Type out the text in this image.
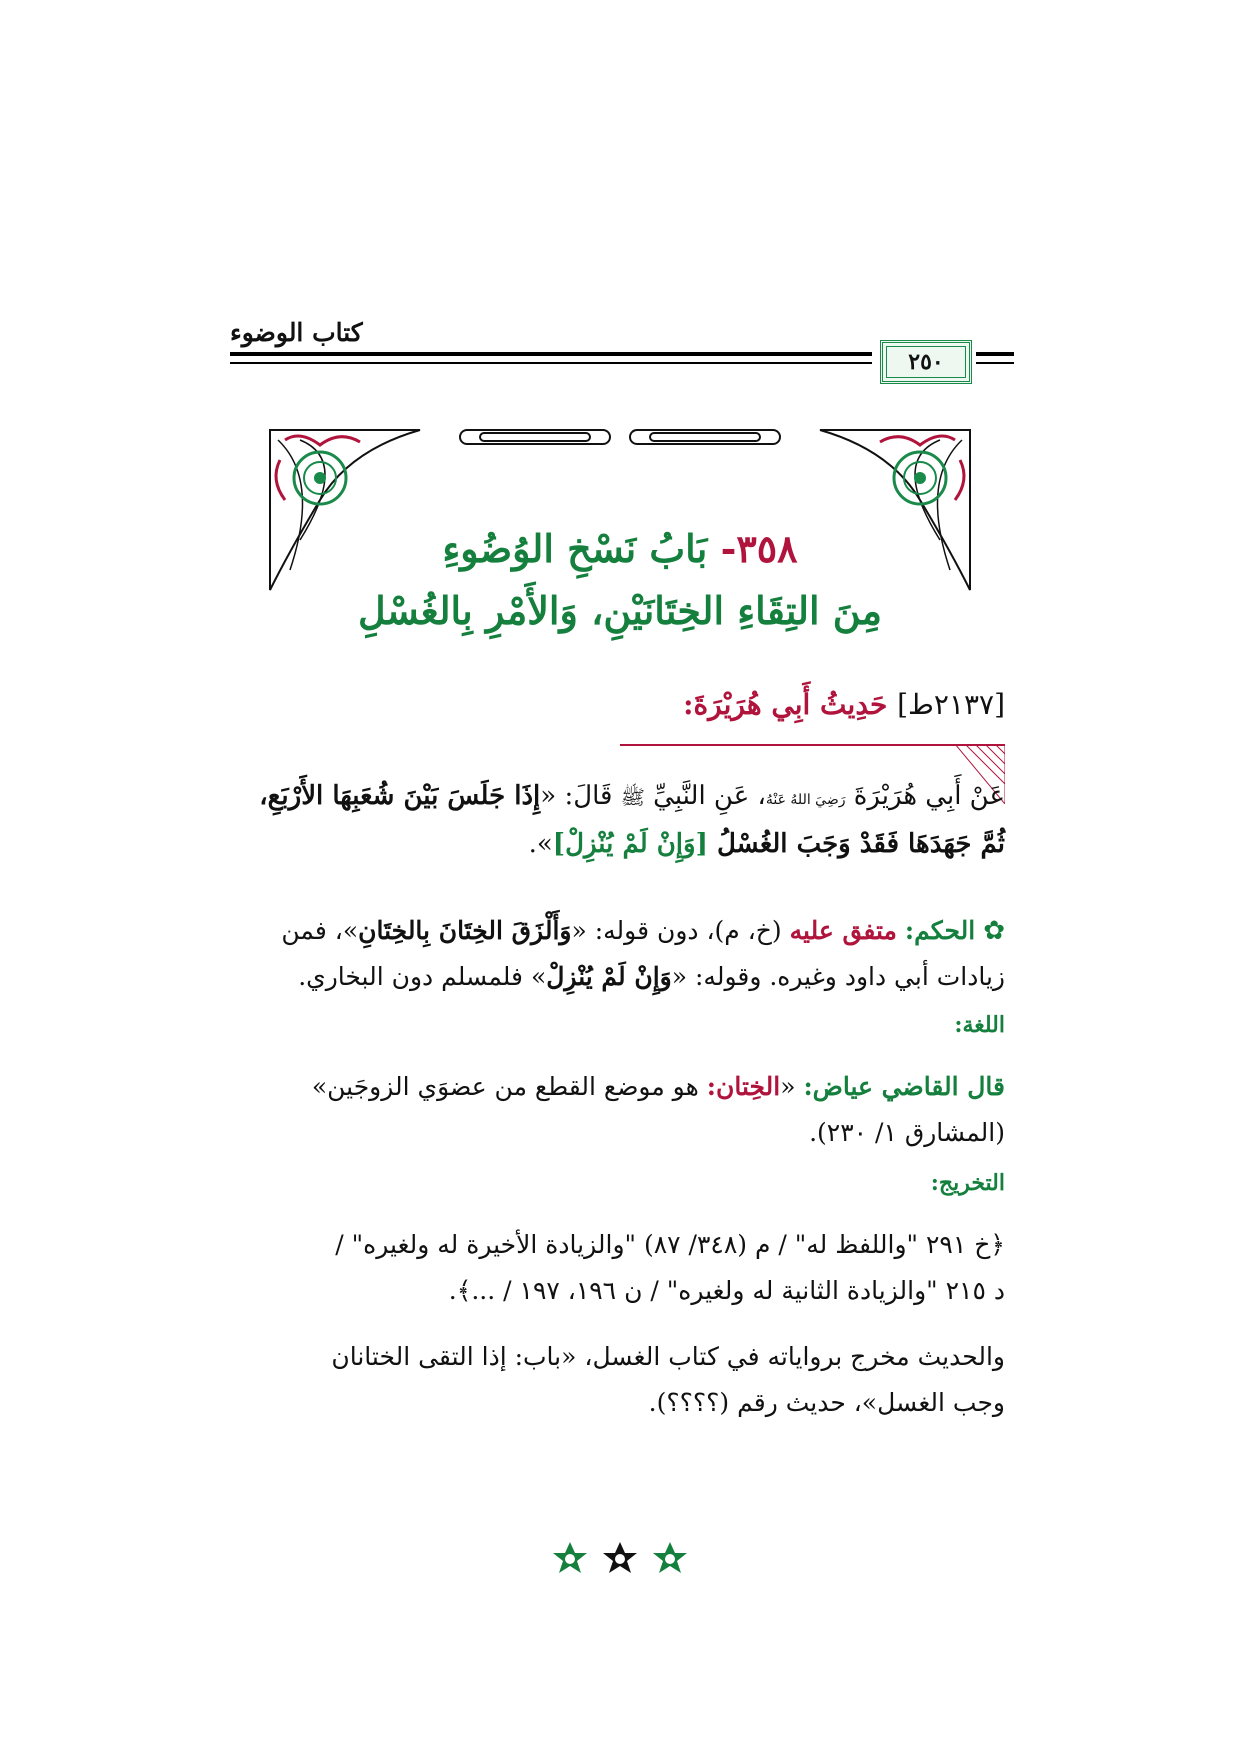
كتاب الوضوء
٢٥٠
٣٥٨- بَابُ نَسْخِ الوُضُوءِ
مِنَ التِقَاءِ الخِتَانَيْنِ، وَالأَمْرِ بِالغُسْلِ
[٢١٣٧ط] حَدِيثُ أَبِي هُرَيْرَةَ:
عَنْ أَبِي هُرَيْرَةَ رَضِيَ اللهُ عَنْهُ، عَنِ النَّبِيِّ ﷺ قَالَ: «إِذَا جَلَسَ بَيْنَ شُعَبِهَا الأَرْبَعِ،
ثُمَّ جَهَدَهَا فَقَدْ وَجَبَ الغُسْلُ [وَإِنْ لَمْ يُنْزِلْ]».
✿ الحكم: متفق عليه (خ، م)، دون قوله: «وَأَلْزَقَ الخِتَانَ بِالخِتَانِ»، فمن
زيادات أبي داود وغيره. وقوله: «وَإِنْ لَمْ يُنْزِلْ» فلمسلم دون البخاري.
اللغة:
قال القاضي عياض: «الخِتان: هو موضع القطع من عضوَي الزوجَين»
(المشارق ١/ ٢٣٠).
التخريج:
﴿خ ٢٩١ "واللفظ له" / م (٣٤٨/ ٨٧) "والزيادة الأخيرة له ولغيره" /
د ٢١٥ "والزيادة الثانية له ولغيره" / ن ١٩٦، ١٩٧ / ...﴾.
والحديث مخرج برواياته في كتاب الغسل، «باب: إذا التقى الختانان
وجب الغسل»، حديث رقم (؟؟؟؟).
